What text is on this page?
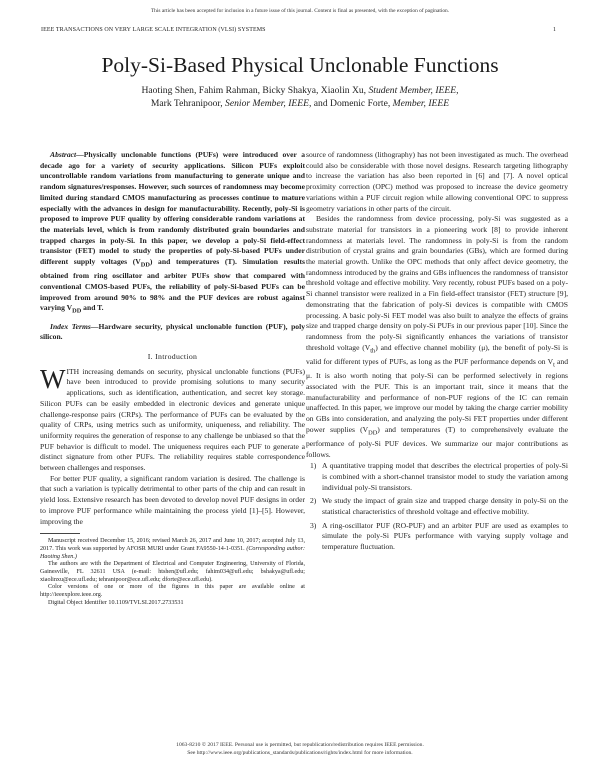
This article has been accepted for inclusion in a future issue of this journal. Content is final as presented, with the exception of pagination.
IEEE TRANSACTIONS ON VERY LARGE SCALE INTEGRATION (VLSI) SYSTEMS	1
Poly-Si-Based Physical Unclonable Functions
Haoting Shen, Fahim Rahman, Bicky Shakya, Xiaolin Xu, Student Member, IEEE,
Mark Tehranipoor, Senior Member, IEEE, and Domenic Forte, Member, IEEE

Abstract—Physically unclonable functions (PUFs) were introduced over a decade ago for a variety of security applications. Silicon PUFs exploit uncontrollable random variations from manufacturing to generate unique and random signatures/responses. However, such sources of randomness may become limited during standard CMOS manufacturing as processes continue to mature especially with the advances in design for manufacturability. Recently, poly-Si is proposed to improve PUF quality by offering considerable random variations at the materials level, which is from randomly distributed grain boundaries and trapped charges in poly-Si. In this paper, we develop a poly-Si field-effect transistor (FET) model to study the properties of poly-Si-based PUFs under different supply voltages $(V_{DD})$ and temperatures (T). Simulation results obtained from ring oscillator and arbiter PUFs show that compared with conventional CMOS-based PUFs, the reliability of poly-Si-based PUFs can be improved from around 90% to 98% and the PUF devices are robust against varying $V_{DD}$ and T.

Index Terms—Hardware security, physical unclonable function (PUF), poly silicon.

I. Introduction

WITH increasing demands on security, physical unclonable functions (PUFs) have been introduced to provide promising solutions to many security applications, such as identification, authentication, and secret key storage. Silicon PUFs can be easily embedded in electronic devices and generate unique challenge-response pairs (CRPs). The performance of PUFs can be evaluated by the quality of CRPs, using metrics such as uniformity, uniqueness, and reliability. The uniformity requires the generation of response to any challenge be unbiased so that the PUF behavior is difficult to model. The uniqueness requires each PUF to generate a distinct signature from other PUFs. The reliability requires stable correspondence between challenges and responses.

For better PUF quality, a significant random variation is desired. The challenge is that such a variation is typically detrimental to other parts of the chip and can result in yield loss. Extensive research has been devoted to develop novel PUF designs in order to improve PUF performance while maintaining the process yield [1]–[5]. However, improving the

Manuscript received December 15, 2016; revised March 26, 2017 and June 10, 2017; accepted July 13, 2017. This work was supported by AFOSR MURI under Grant FA9550-14-1-0351. (Corresponding author: Haoting Shen.)

The authors are with the Department of Electrical and Computer Engineering, University of Florida, Gainesville, FL 32611 USA (e-mail: htshen@ufl.edu; fahim034@ufl.edu; bshakya@ufl.edu; xiaolinxu@ece.ufl.edu; tehranipoor@ece.ufl.edu; dforte@ece.ufl.edu).

Color versions of one or more of the figures in this paper are available online at http://ieeexplore.ieee.org.

Digital Object Identifier 10.1109/TVLSI.2017.2733531

source of randomness (lithography) has not been investigated as much. The overhead could also be considerable with those novel designs. Research targeting lithography to increase the variation has also been reported in [6] and [7]. A novel optical proximity correction (OPC) method was proposed to increase the device geometry variations within a PUF circuit region while allowing conventional OPC to suppress geometry variations in other parts of the circuit.

Besides the randomness from device processing, poly-Si was suggested as a substrate material for transistors in a pioneering work [8] to provide inherent randomness at materials level. The randomness in poly-Si is from the random distribution of crystal grains and grain boundaries (GBs), which are formed during the material growth. Unlike the OPC methods that only affect device geometry, the randomness introduced by the grains and GBs influences the randomness of transistor threshold voltage and effective mobility. Very recently, robust PUFs based on a poly-Si channel transistor were realized in a Fin field-effect transistor (FET) structure [9], demonstrating that the fabrication of poly-Si devices is compatible with CMOS processing. A basic poly-Si FET model was also built to analyze the effects of grains size and trapped charge density on poly-Si PUFs in our previous paper [10]. Since the randomness from the poly-Si significantly enhances the variations of transistor threshold voltage $(V_{th})$ and effective channel mobility (μ), the benefit of poly-Si is valid for different types of PUFs, as long as the PUF performance depends on $V_t$ and μ. It is also worth noting that poly-Si can be performed selectively in regions associated with the PUF. This is an important trait, since it means that the manufacturability and performance of non-PUF regions of the IC can remain unaffected. In this paper, we improve our model by taking the charge carrier mobility on GBs into consideration, and analyzing the poly-Si FET properties under different power supplies $(V_{DD})$ and temperatures (T) to comprehensively evaluate the performance of poly-Si PUF devices. We summarize our major contributions as follows.

1) A quantitative trapping model that describes the electrical properties of poly-Si is combined with a short-channel transistor model to study the variation among individual poly-Si transistors.
2) We study the impact of grain size and trapped charge density in poly-Si on the statistical characteristics of threshold voltage and effective mobility.
3) A ring-oscillator PUF (RO-PUF) and an arbiter PUF are used as examples to simulate the poly-Si PUFs performance with varying supply voltage and temperature fluctuation.
1063-8210 © 2017 IEEE. Personal use is permitted, but republication/redistribution requires IEEE permission.
See http://www.ieee.org/publications_standards/publications/rights/index.html for more information.
